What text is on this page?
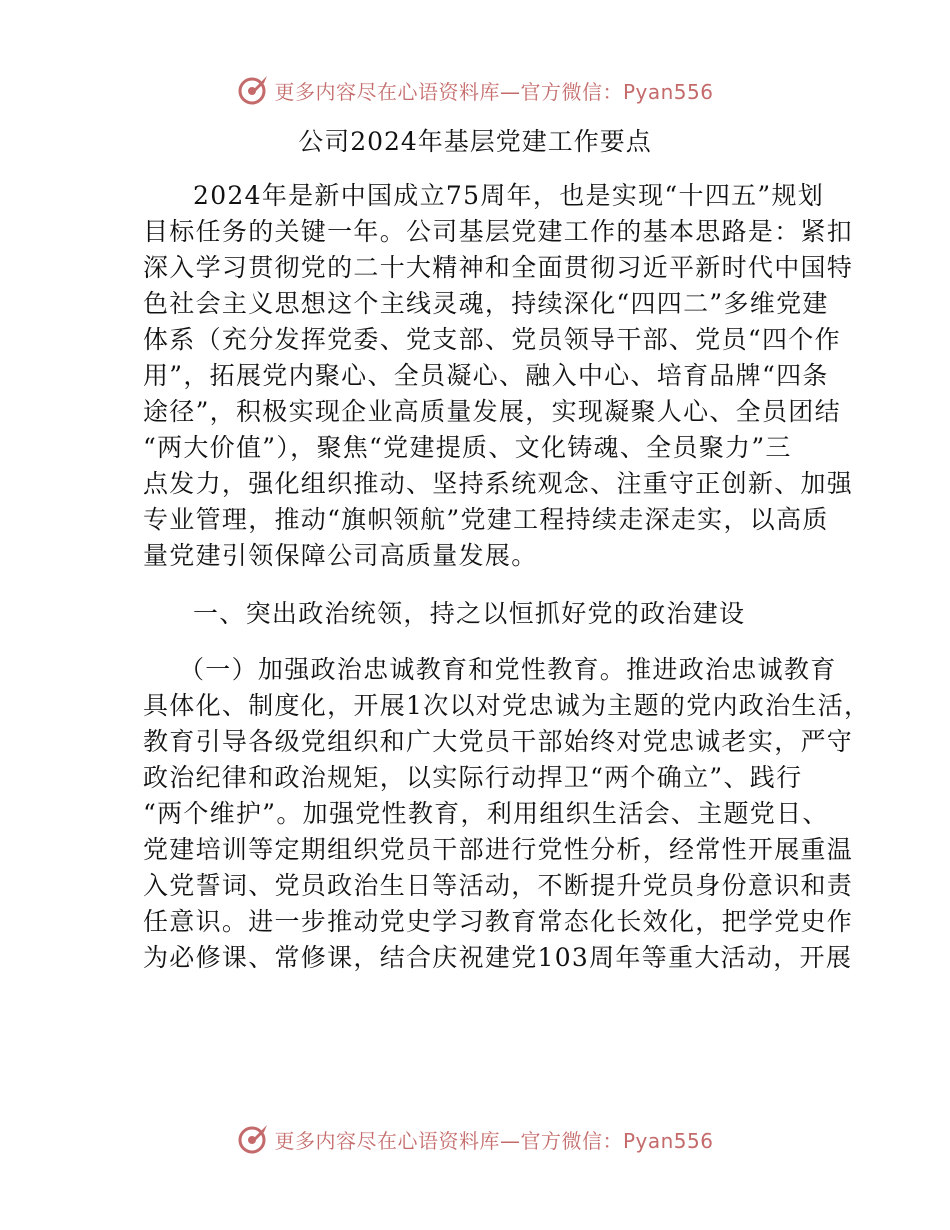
更多内容尽在心语资料库—官方微信：Pyan556
公司2024年基层党建工作要点
2024年是新中国成立75周年，也是实现“十四五”规划
目标任务的关键一年。公司基层党建工作的基本思路是：紧扣
深入学习贯彻党的二十大精神和全面贯彻习近平新时代中国特
色社会主义思想这个主线灵魂，持续深化“四四二”多维党建
体系（充分发挥党委、党支部、党员领导干部、党员“四个作
用”，拓展党内聚心、全员凝心、融入中心、培育品牌“四条
途径”，积极实现企业高质量发展，实现凝聚人心、全员团结
“两大价值”），聚焦“党建提质、文化铸魂、全员聚力”三
点发力，强化组织推动、坚持系统观念、注重守正创新、加强
专业管理，推动“旗帜领航”党建工程持续走深走实，以高质
量党建引领保障公司高质量发展。
一、突出政治统领，持之以恒抓好党的政治建设
（一）加强政治忠诚教育和党性教育。推进政治忠诚教育
具体化、制度化，开展1次以对党忠诚为主题的党内政治生活，
教育引导各级党组织和广大党员干部始终对党忠诚老实，严守
政治纪律和政治规矩，以实际行动捍卫“两个确立”、践行
“两个维护”。加强党性教育，利用组织生活会、主题党日、
党建培训等定期组织党员干部进行党性分析，经常性开展重温
入党誓词、党员政治生日等活动，不断提升党员身份意识和责
任意识。进一步推动党史学习教育常态化长效化，把学党史作
为必修课、常修课，结合庆祝建党103周年等重大活动，开展
更多内容尽在心语资料库—官方微信：Pyan556
